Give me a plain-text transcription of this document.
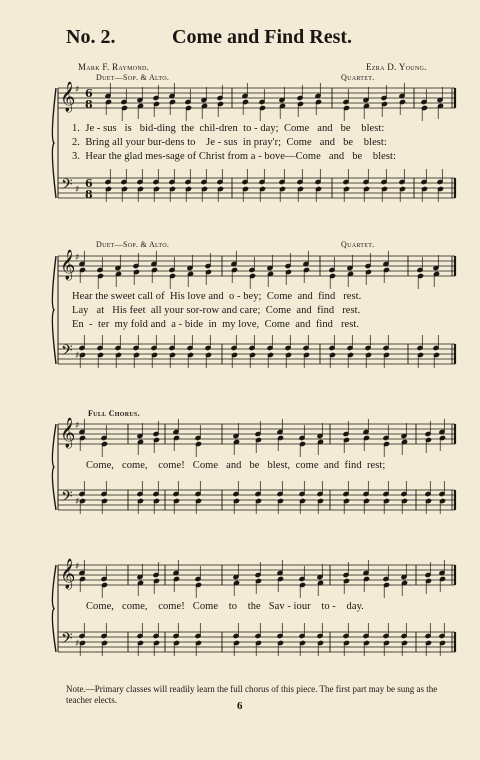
No. 2.	Come and Find Rest.
Mark F. Raymond.	Ezra D. Young.
𝄞
𝄢
♯
♯
6
8
6
8
𝄞
𝄢
♯
♯
𝄞
𝄢
♯
♯
𝄞
𝄢
♯
♯
Duet—Sop. & Alto.	Quartet.
1.  Je - sus   is   bid-ding  the  chil-dren  to - day;  Come   and   be    blest:
2.  Bring all your bur-dens to    Je - sus  in pray'r;  Come   and   be    blest:
3.  Hear the glad mes-sage of Christ from a - bove—Come   and   be    blest:
Duet—Sop. & Alto.	Quartet.
Hear the sweet call of  His love and  o - bey;  Come  and  find   rest.
Lay   at   His feet  all your sor-row and care;  Come  and  find   rest.
En  -  ter  my fold and  a - bide  in  my love,  Come  and  find   rest.
Full Chorus.
Come,   come,    come!   Come   and   be   blest,  come  and  find  rest;
Come,   come,    come!   Come    to    the   Sav - iour    to -    day.
Note.—Primary classes will readily learn the full chorus of this piece. The first part may be sung as the teacher elects.	6
